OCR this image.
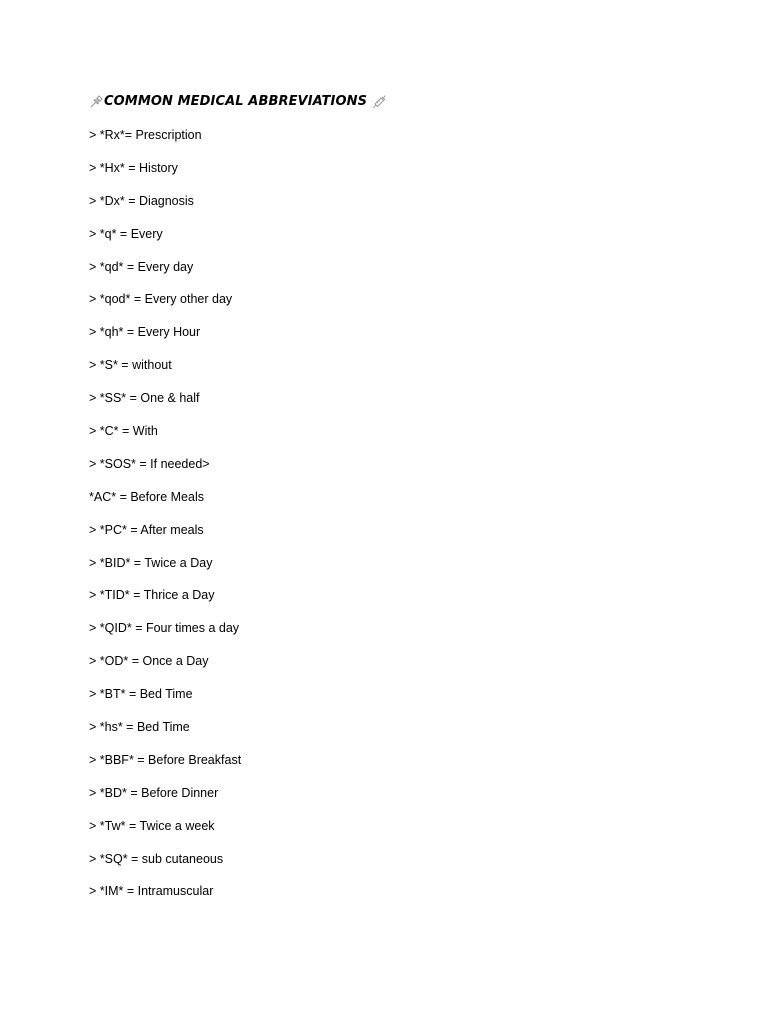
COMMON MEDICAL ABBREVIATIONS
> *Rx*= Prescription
> *Hx* = History
> *Dx* = Diagnosis
> *q* = Every
> *qd* = Every day
> *qod* = Every other day
> *qh* = Every Hour
> *S* = without
> *SS* = One & half
> *C* = With
> *SOS* = If needed>
*AC* = Before Meals
> *PC* = After meals
> *BID* = Twice a Day
> *TID* = Thrice a Day
> *QID* = Four times a day
> *OD* = Once a Day
> *BT* = Bed Time
> *hs* = Bed Time
> *BBF* = Before Breakfast
> *BD* = Before Dinner
> *Tw* = Twice a week
> *SQ* = sub cutaneous
> *IM* = Intramuscular
